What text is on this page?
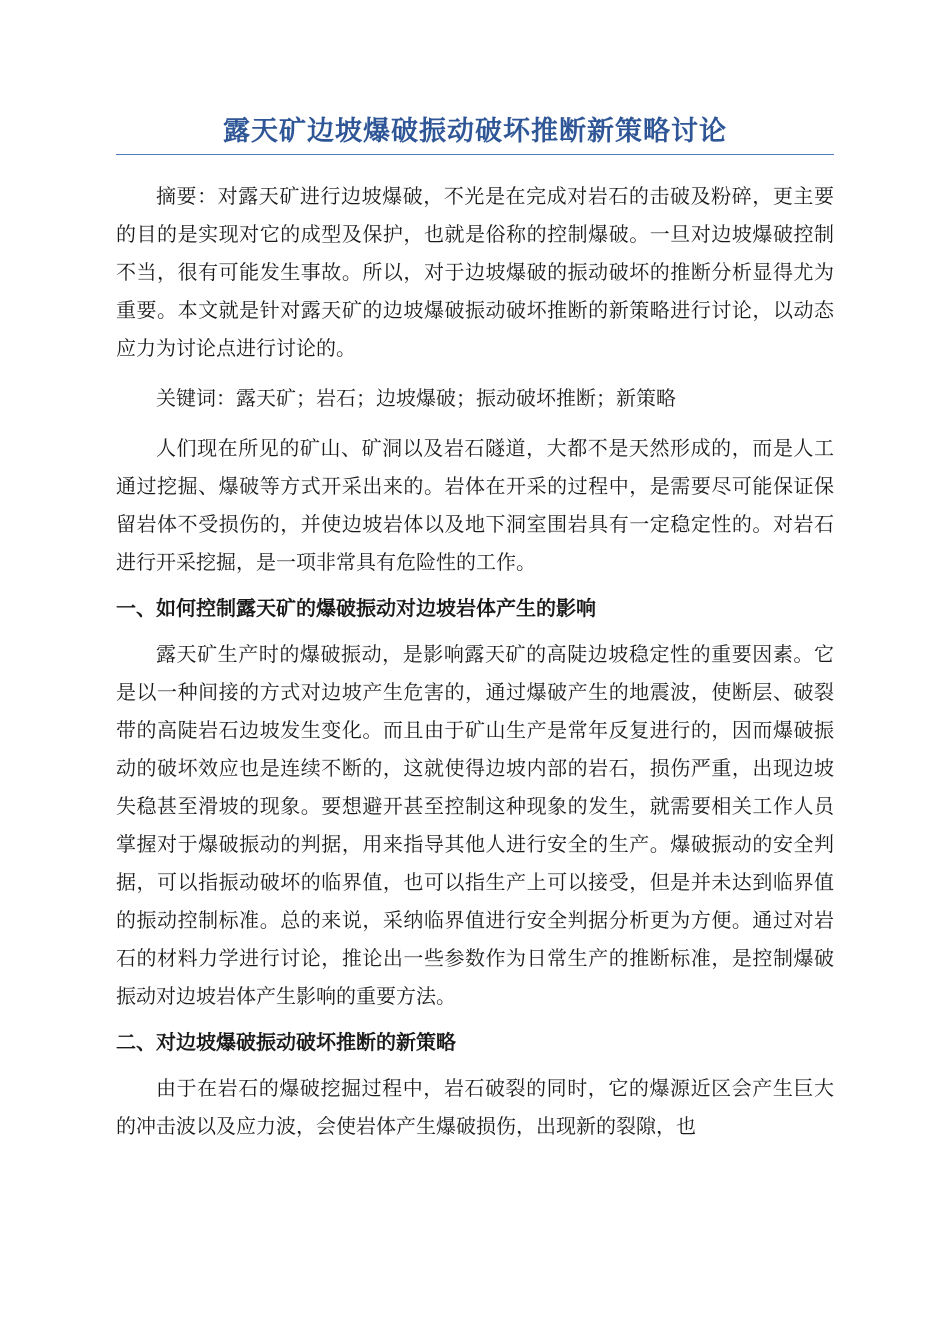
露天矿边坡爆破振动破坏推断新策略讨论

摘要：对露天矿进行边坡爆破，不光是在完成对岩石的击破及粉碎，更主要的目的是实现对它的成型及保护，也就是俗称的控制爆破。一旦对边坡爆破控制不当，很有可能发生事故。所以，对于边坡爆破的振动破坏的推断分析显得尤为重要。本文就是针对露天矿的边坡爆破振动破坏推断的新策略进行讨论，以动态应力为讨论点进行讨论的。

关键词：露天矿；岩石；边坡爆破；振动破坏推断；新策略

人们现在所见的矿山、矿洞以及岩石隧道，大都不是天然形成的，而是人工通过挖掘、爆破等方式开采出来的。岩体在开采的过程中，是需要尽可能保证保留岩体不受损伤的，并使边坡岩体以及地下洞室围岩具有一定稳定性的。对岩石进行开采挖掘，是一项非常具有危险性的工作。

一、如何控制露天矿的爆破振动对边坡岩体产生的影响

露天矿生产时的爆破振动，是影响露天矿的高陡边坡稳定性的重要因素。它是以一种间接的方式对边坡产生危害的，通过爆破产生的地震波，使断层、破裂带的高陡岩石边坡发生变化。而且由于矿山生产是常年反复进行的，因而爆破振动的破坏效应也是连续不断的，这就使得边坡内部的岩石，损伤严重，出现边坡失稳甚至滑坡的现象。要想避开甚至控制这种现象的发生，就需要相关工作人员掌握对于爆破振动的判据，用来指导其他人进行安全的生产。爆破振动的安全判据，可以指振动破坏的临界值，也可以指生产上可以接受，但是并未达到临界值的振动控制标准。总的来说，采纳临界值进行安全判据分析更为方便。通过对岩石的材料力学进行讨论，推论出一些参数作为日常生产的推断标准，是控制爆破振动对边坡岩体产生影响的重要方法。

二、对边坡爆破振动破坏推断的新策略

由于在岩石的爆破挖掘过程中，岩石破裂的同时，它的爆源近区会产生巨大的冲击波以及应力波，会使岩体产生爆破损伤，出现新的裂隙，也
